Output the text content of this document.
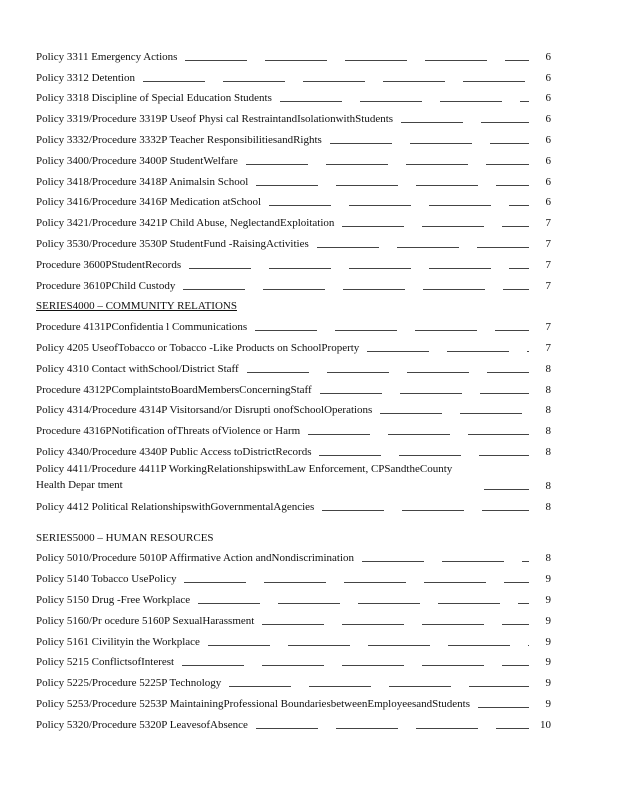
Policy 3311 Emergency Actions	6
Policy 3312 Detention	6
Policy 3318 Discipline of Special Education Students	6
Policy 3319/Procedure 3319P Useof Physi cal RestraintandIsolationwithStudents	6
Policy 3332/Procedure 3332P Teacher ResponsibilitiesandRights	6
Policy 3400/Procedure 3400P StudentWelfare	6
Policy 3418/Procedure 3418P Animalsin School	6
Policy 3416/Procedure 3416P Medication atSchool	6
Policy 3421/Procedure 3421P Child Abuse, NeglectandExploitation	7
Policy 3530/Procedure 3530P StudentFund -RaisingActivities	7
Procedure 3600PStudentRecords	7
Procedure 3610PChild Custody	7
SERIES4000 – COMMUNITY RELATIONS
Procedure 4131PConfidentia l Communications	7
Policy 4205 UseofTobacco or Tobacco -Like Products on SchoolProperty	7
Policy 4310 Contact withSchool/District Staff	8
Procedure 4312PComplaintstoBoardMembersConcerningStaff	8
Policy 4314/Procedure 4314P Visitorsand/or Disrupti onofSchoolOperations	8
Procedure 4316PNotification ofThreats ofViolence or Harm	8
Policy 4340/Procedure 4340P Public Access toDistrictRecords	8
Policy 4411/Procedure 4411P WorkingRelationshipswithLaw Enforcement, CPSandtheCounty Health Depar tment	8
Policy 4412 Political RelationshipswithGovernmentalAgencies	8
SERIES5000 – HUMAN RESOURCES
Policy 5010/Procedure 5010P Affirmative Action andNondiscrimination	8
Policy 5140 Tobacco UsePolicy	9
Policy 5150 Drug -Free Workplace	9
Policy 5160/Pr ocedure 5160P SexualHarassment	9
Policy 5161 Civilityin the Workplace	9
Policy 5215 ConflictsofInterest	9
Policy 5225/Procedure 5225P Technology	9
Policy 5253/Procedure 5253P MaintainingProfessional BoundariesbetweenEmployeesandStudents	9
Policy 5320/Procedure 5320P LeavesofAbsence	10
